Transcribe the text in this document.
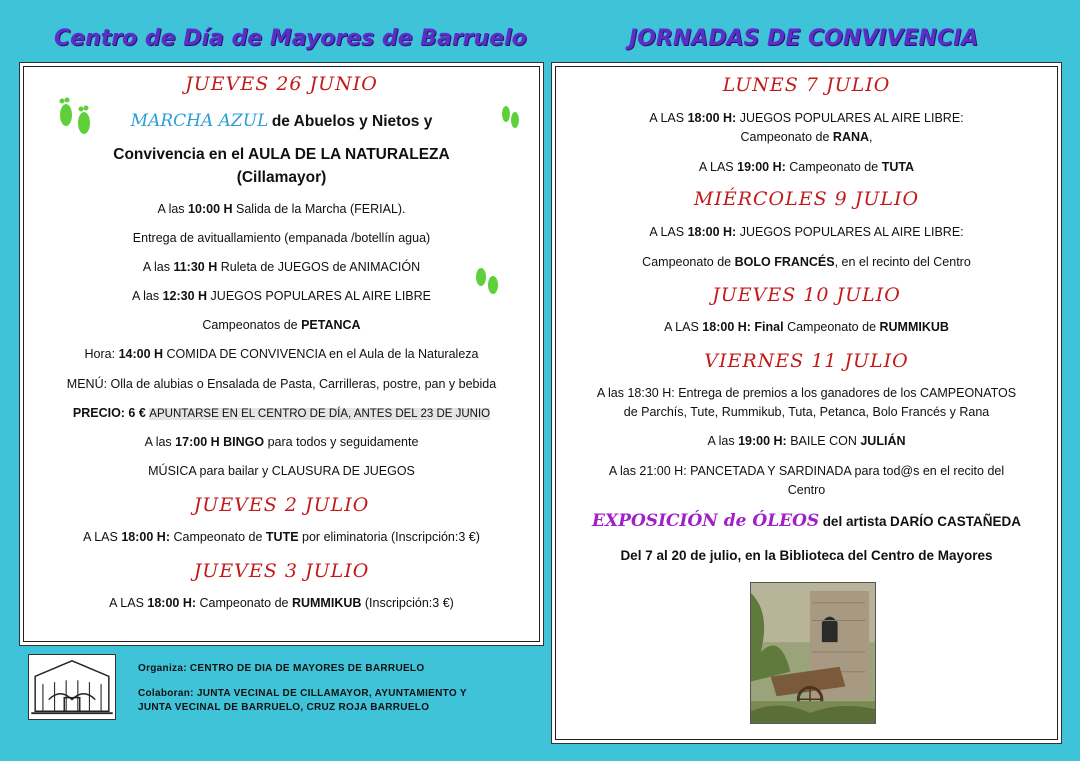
Centro de Día de Mayores de Barruelo	JORNADAS DE CONVIVENCIA
JUEVES 26 JUNIO
MARCHA AZUL de Abuelos y Nietos y
Convivencia en el AULA DE LA NATURALEZA
(Cillamayor)
A las 10:00 H Salida de la Marcha (FERIAL).
Entrega de avituallamiento (empanada /botellín agua)
A las 11:30 H Ruleta de JUEGOS de ANIMACIÓN
A las 12:30 H JUEGOS POPULARES AL AIRE LIBRE
Campeonatos de PETANCA
Hora: 14:00 H COMIDA DE CONVIVENCIA en el Aula de la Naturaleza
MENÚ: Olla de alubias o Ensalada de Pasta, Carrilleras, postre, pan y bebida
PRECIO: 6 € APUNTARSE EN EL CENTRO DE DÍA, ANTES DEL 23 DE JUNIO
A las 17:00 H BINGO para todos y seguidamente
MÚSICA para bailar y CLAUSURA DE JUEGOS
JUEVES 2 JULIO
A LAS 18:00 H: Campeonato de TUTE por eliminatoria (Inscripción:3 €)
JUEVES 3 JULIO
A LAS 18:00 H: Campeonato de RUMMIKUB (Inscripción:3 €)
Organiza: CENTRO DE DIA DE MAYORES DE BARRUELO
Colaboran: JUNTA VECINAL DE CILLAMAYOR, AYUNTAMIENTO Y
JUNTA VECINAL DE BARRUELO, CRUZ ROJA BARRUELO
LUNES 7 JULIO
A LAS 18:00 H: JUEGOS POPULARES AL AIRE LIBRE:
Campeonato de RANA,
A LAS 19:00 H: Campeonato de TUTA
MIÉRCOLES 9 JULIO
A LAS 18:00 H: JUEGOS POPULARES AL AIRE LIBRE:
Campeonato de BOLO FRANCÉS, en el recinto del Centro
JUEVES 10 JULIO
A LAS 18:00 H: Final Campeonato de RUMMIKUB
VIERNES 11 JULIO
A las 18:30 H: Entrega de premios a los ganadores de los CAMPEONATOS
de Parchís, Tute, Rummikub, Tuta, Petanca, Bolo Francés y Rana
A las 19:00 H: BAILE CON JULIÁN
A las 21:00 H: PANCETADA Y SARDINADA para tod@s en el recito del
Centro
EXPOSICIÓN de ÓLEOS del artista DARÍO CASTAÑEDA
Del 7 al 20 de julio, en la Biblioteca del Centro de Mayores
